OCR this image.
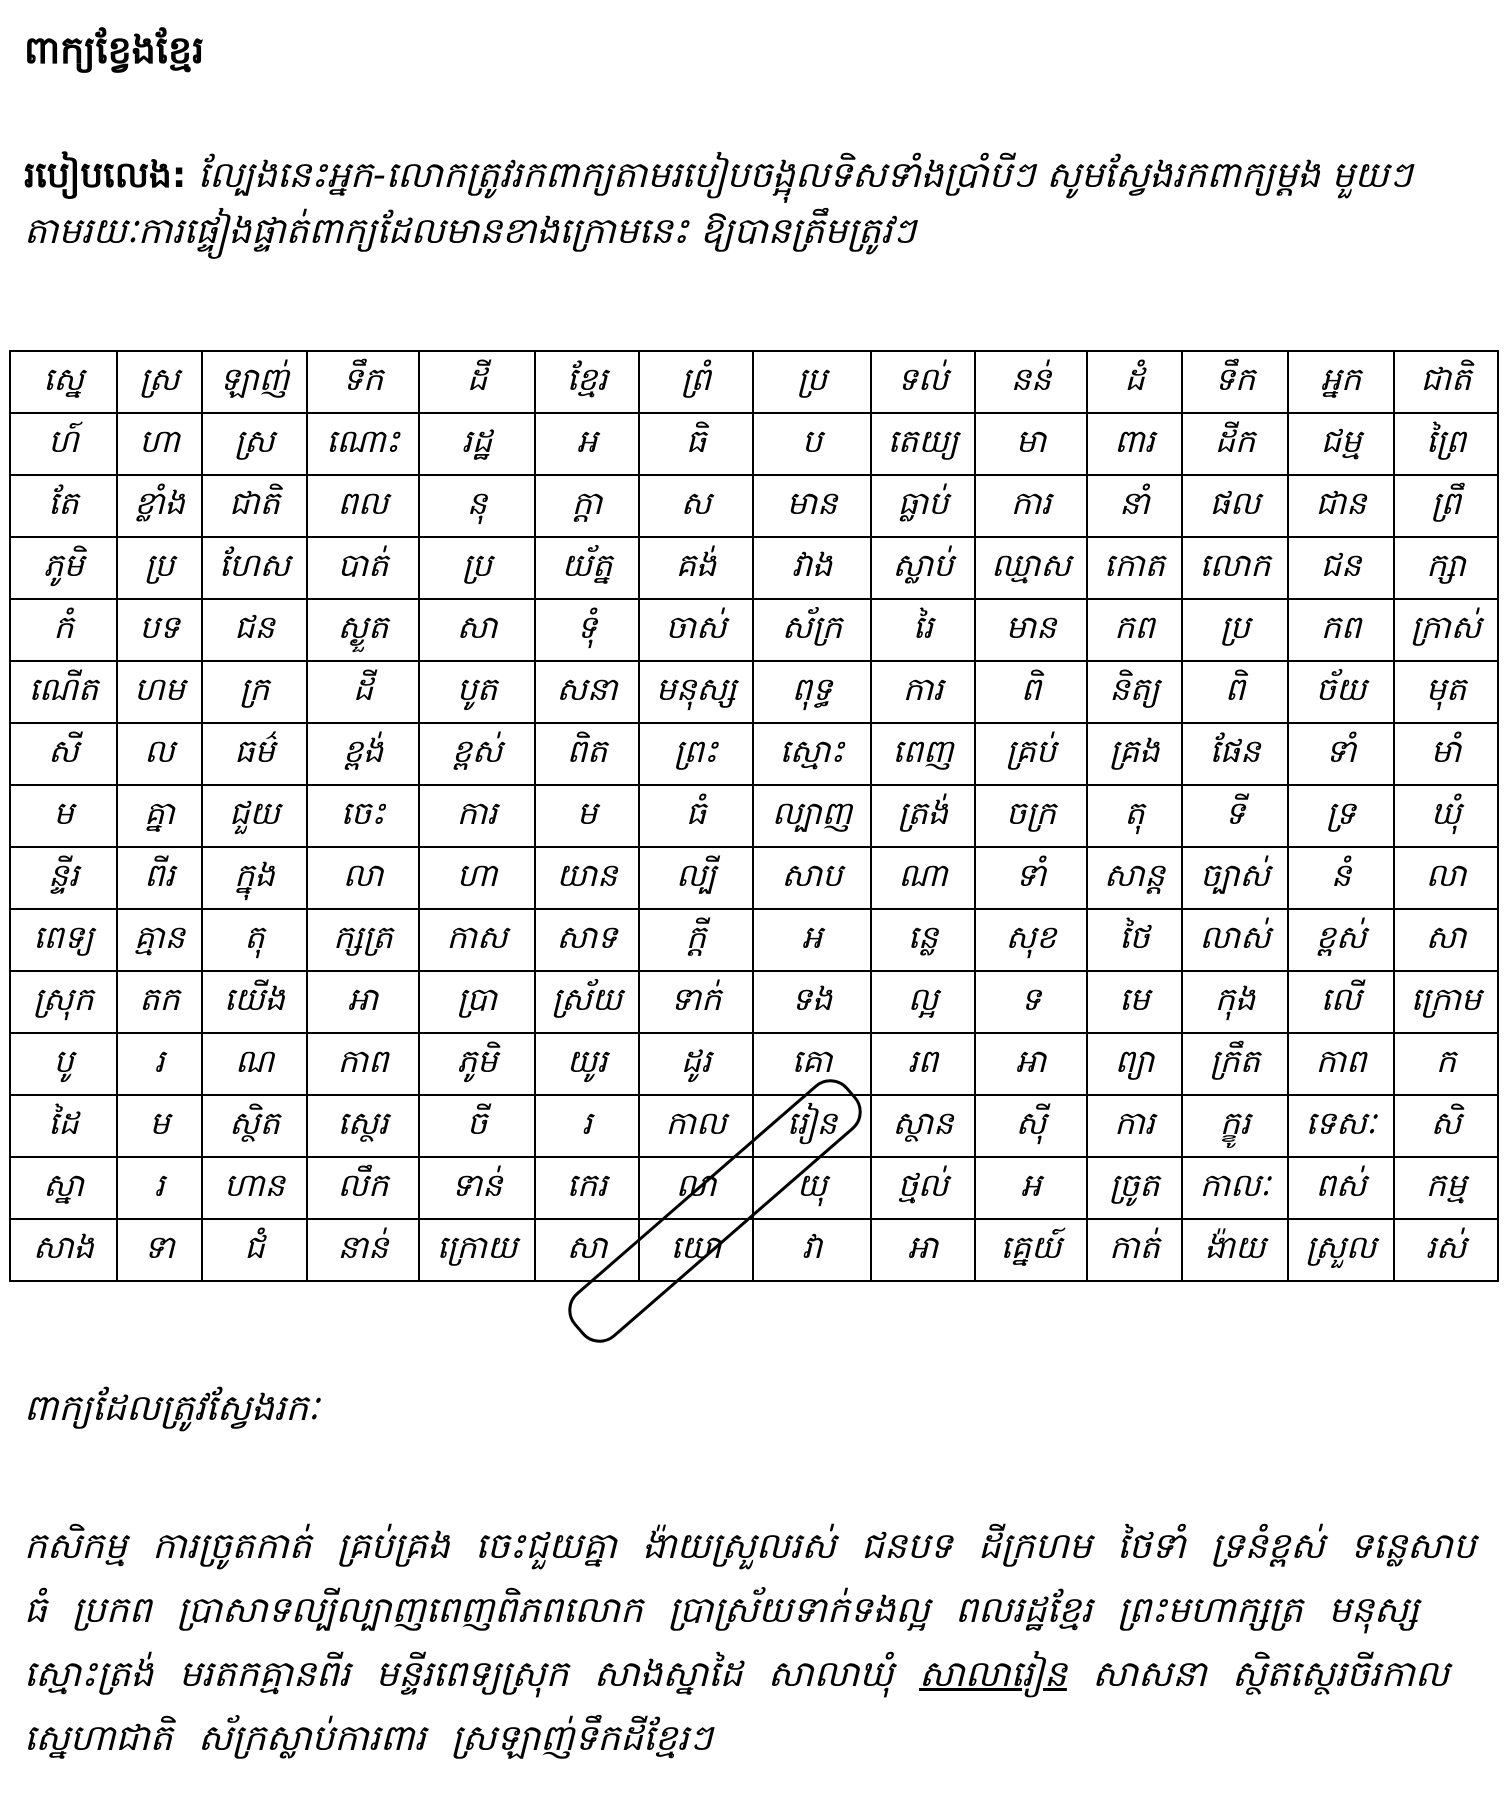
ពាក្យខ្វែងខ្មែរ

របៀបលេង: ល្បែងនេះអ្នក-លោកត្រូវរកពាក្យតាមរបៀបចង្អុលទិសទាំងប្រាំបីៗ សូមស្វែងរកពាក្យម្តង មួយៗ តាមរយៈការផ្ទៀងផ្ទាត់ពាក្យដែលមានខាងក្រោមនេះ ឱ្យបានត្រឹមត្រូវៗ

ស្នេ	ស្រ	ឡាញ់	ទឹក	ដី	ខ្មែរ	ព្រំ	ប្រ	ទល់	នន់	ដំ	ទឹក	អ្នក	ជាតិ
ហ៍	ហា	ស្រ	ណោះ	រដ្ឋ	អ	ធិ	ប	តេយ្យ	មា	ពារ	ដីក	ជម្ម	ព្រៃ
តែ	ខ្លាំង	ជាតិ	ពល	នុ	ក្តា	ស	មាន	ធ្លាប់	ការ	នាំ	ផល	ជាន	ព្រឹ
ភូមិ	ប្រ	ហែស	បាត់	ប្រ	យ័ត្ន	គង់	វាង	ស្លាប់	ឈ្មាស	កោត	លោក	ជន	ក្សា
កំ	បទ	ជន	ស្ងួត	សា	ទុំ	ចាស់	ស័ក្រ	រៃ	មាន	កព	ប្រ	កព	ក្រាស់
ណើត	ហម	ក្រ	ដី	បូត	សនា	មនុស្ស	ពុទ្ធ	ការ	ពិ	និត្យ	ពិ	ច័យ	មុត
សី	ល	ធម៌	ខ្ពង់	ខ្ពស់	ពិត	ព្រះ	ស្មោះ	ពេញ	គ្រប់	គ្រង	ផែន	ទាំ	មាំ
ម	គ្នា	ជួយ	ចេះ	ការ	ម	ធំ	ល្បាញ	ត្រង់	ចក្រ	តុ	ទី	ទ្រ	ឃុំ
ន្ទីរ	ពីរ	ក្នុង	លា	ហា	យាន	ល្បី	សាប	ណា	ទាំ	សាន្ត	ច្បាស់	នំ	លា
ពេទ្យ	គ្មាន	តុ	ក្សត្រ	កាស	សាទ	ក្តី	អ	ន្លេ	សុខ	ថៃ	លាស់	ខ្ពស់	សា
ស្រុក	តក	យើង	អា	ប្រា	ស្រ័យ	ទាក់	ទង	ល្អ	ទ	មេ	កុង	លើ	ក្រោម
បូ	រ	ណ	កាព	ភូមិ	យូរ	ដូរ	គោ	រព	អា	ព្យា	ក្រឹត	កាព	ក
ដៃ	ម	ស្ថិត	ស្ថេរ	ចី	រ	កាល	រៀន	ស្ថាន	ស៊ី	ការ	ក្ខូរ	ទេសៈ	សិ
ស្នា	រ	ហាន	លឹក	ទាន់	កេរ	លា	យុ	ថ្មល់	អ	ច្រូត	កាលៈ	ពស់	កម្ម
សាង	ទា	ជំ	នាន់	ក្រោយ	សា	យោ	វា	អា	គ្នេយ៍	កាត់	ង៉ាយ	ស្រួល	រស់

ពាក្យដែលត្រូវស្វែងរកៈ

កសិកម្ម ការច្រូតកាត់ គ្រប់គ្រង ចេះជួយគ្នា ង៉ាយស្រួលរស់ ជនបទ ដីក្រហម ថៃទាំ ទ្រនំខ្ពស់ ទន្លេសាបធំ ប្រកព ប្រាសាទល្បីល្បាញពេញពិភពលោក ប្រាស្រ័យទាក់ទងល្អ ពលរដ្ឋខ្មែរ ព្រះមហាក្សត្រ មនុស្សស្មោះត្រង់ មរតកគ្មានពីរ មន្ទីរពេទ្យស្រុក សាងស្នាដៃ សាលាឃុំ សាលារៀន សាសនា ស្ថិតស្ថេរចីរកាល ស្នេហាជាតិ ស័ក្រស្លាប់ការពារ ស្រឡាញ់ទឹកដីខ្មែរៗ
